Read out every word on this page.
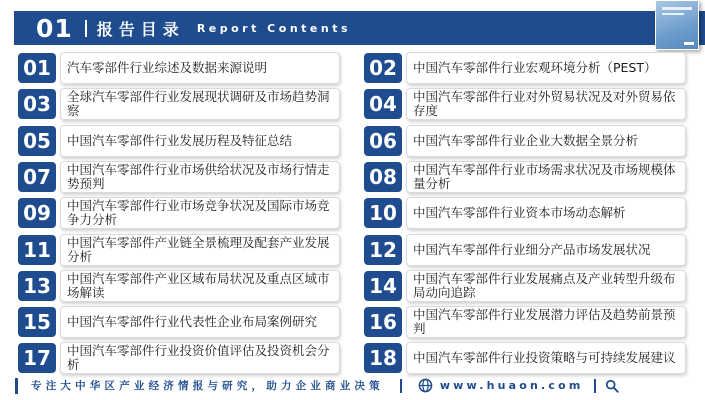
01 报告目录 Report Contents
01	汽车零部件行业综述及数据来源说明
03	全球汽车零部件行业发展现状调研及市场趋势洞察
05	中国汽车零部件行业发展历程及特征总结
07	中国汽车零部件行业市场供给状况及市场行情走势预判
09	中国汽车零部件行业市场竞争状况及国际市场竞争力分析
11	中国汽车零部件产业链全景梳理及配套产业发展分析
13	中国汽车零部件产业区域布局状况及重点区域市场解读
15	中国汽车零部件行业代表性企业布局案例研究
17	中国汽车零部件行业投资价值评估及投资机会分析
02	中国汽车零部件行业宏观环境分析（PEST）
04	中国汽车零部件行业对外贸易状况及对外贸易依存度
06	中国汽车零部件行业企业大数据全景分析
08	中国汽车零部件行业市场需求状况及市场规模体量分析
10	中国汽车零部件行业资本市场动态解析
12	中国汽车零部件行业细分产品市场发展状况
14	中国汽车零部件行业发展痛点及产业转型升级布局动向追踪
16	中国汽车零部件行业发展潜力评估及趋势前景预判
18	中国汽车零部件行业投资策略与可持续发展建议
专注大中华区产业经济情报与研究，助力企业商业决策	www.huaon.com
